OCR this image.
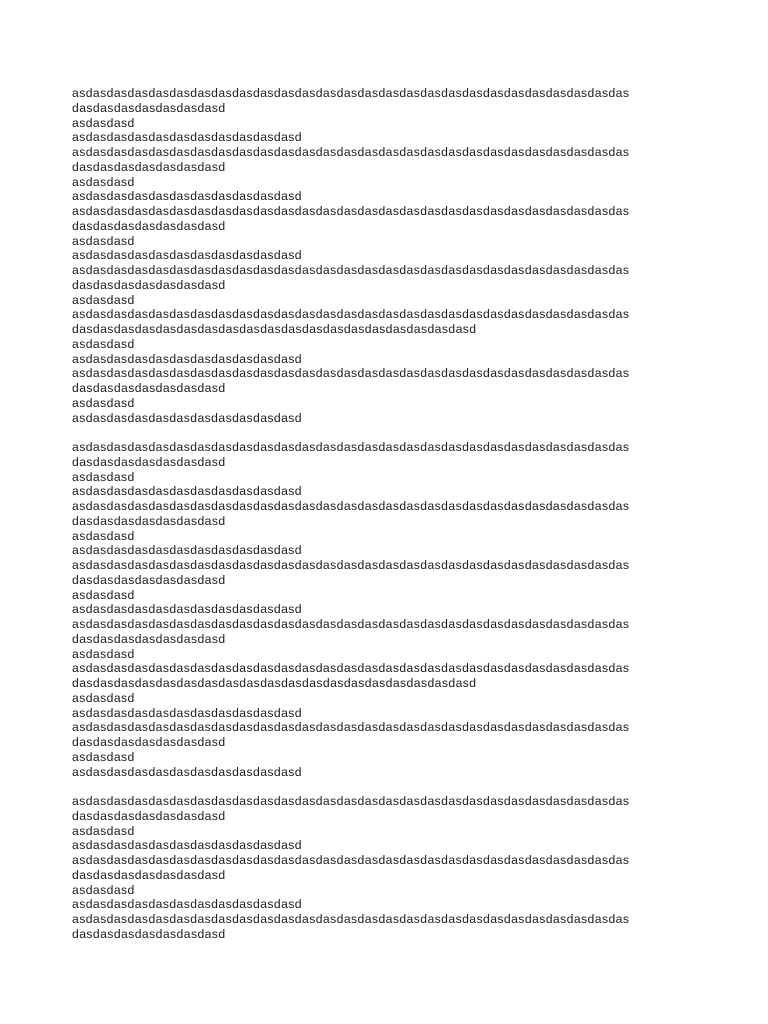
asdasdasdasdasdasdasdasdasdasdasdasdasdasdasdasdasdasdasdasdasdasdasdasdasdasdas
dasdasdasdasdasdasdasd
asdasdasd
asdasdasdasdasdasdasdasdasdasdasd
asdasdasdasdasdasdasdasdasdasdasdasdasdasdasdasdasdasdasdasdasdasdasdasdasdasdas
dasdasdasdasdasdasdasd
asdasdasd
asdasdasdasdasdasdasdasdasdasdasd
asdasdasdasdasdasdasdasdasdasdasdasdasdasdasdasdasdasdasdasdasdasdasdasdasdasdas
dasdasdasdasdasdasdasd
asdasdasd
asdasdasdasdasdasdasdasdasdasdasd
asdasdasdasdasdasdasdasdasdasdasdasdasdasdasdasdasdasdasdasdasdasdasdasdasdasdas
dasdasdasdasdasdasdasd
asdasdasd
asdasdasdasdasdasdasdasdasdasdasdasdasdasdasdasdasdasdasdasdasdasdasdasdasdasdas
dasdasdasdasdasdasdasdasdasdasdasdasdasdasdasdasdasdasdasd
asdasdasd
asdasdasdasdasdasdasdasdasdasdasd
asdasdasdasdasdasdasdasdasdasdasdasdasdasdasdasdasdasdasdasdasdasdasdasdasdasdas
dasdasdasdasdasdasdasd
asdasdasd
asdasdasdasdasdasdasdasdasdasdasd
asdasdasdasdasdasdasdasdasdasdasdasdasdasdasdasdasdasdasdasdasdasdasdasdasdasdas
dasdasdasdasdasdasdasd
asdasdasd
asdasdasdasdasdasdasdasdasdasdasd
asdasdasdasdasdasdasdasdasdasdasdasdasdasdasdasdasdasdasdasdasdasdasdasdasdasdas
dasdasdasdasdasdasdasd
asdasdasd
asdasdasdasdasdasdasdasdasdasdasd
asdasdasdasdasdasdasdasdasdasdasdasdasdasdasdasdasdasdasdasdasdasdasdasdasdasdas
dasdasdasdasdasdasdasd
asdasdasd
asdasdasdasdasdasdasdasdasdasdasd
asdasdasdasdasdasdasdasdasdasdasdasdasdasdasdasdasdasdasdasdasdasdasdasdasdasdas
dasdasdasdasdasdasdasd
asdasdasd
asdasdasdasdasdasdasdasdasdasdasdasdasdasdasdasdasdasdasdasdasdasdasdasdasdasdas
dasdasdasdasdasdasdasdasdasdasdasdasdasdasdasdasdasdasdasd
asdasdasd
asdasdasdasdasdasdasdasdasdasdasd
asdasdasdasdasdasdasdasdasdasdasdasdasdasdasdasdasdasdasdasdasdasdasdasdasdasdas
dasdasdasdasdasdasdasd
asdasdasd
asdasdasdasdasdasdasdasdasdasdasd
asdasdasdasdasdasdasdasdasdasdasdasdasdasdasdasdasdasdasdasdasdasdasdasdasdasdas
dasdasdasdasdasdasdasd
asdasdasd
asdasdasdasdasdasdasdasdasdasdasd
asdasdasdasdasdasdasdasdasdasdasdasdasdasdasdasdasdasdasdasdasdasdasdasdasdasdas
dasdasdasdasdasdasdasd
asdasdasd
asdasdasdasdasdasdasdasdasdasdasd
asdasdasdasdasdasdasdasdasdasdasdasdasdasdasdasdasdasdasdasdasdasdasdasdasdasdas
dasdasdasdasdasdasdasd
